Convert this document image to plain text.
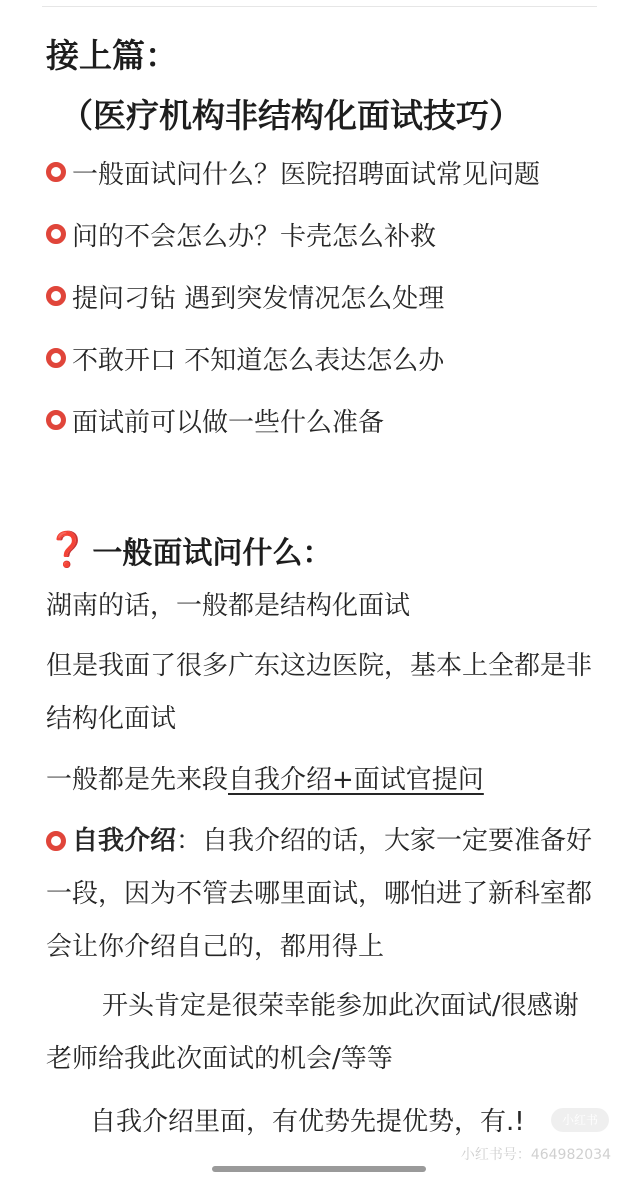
接上篇：
（医疗机构非结构化面试技巧）
一般面试问什么？医院招聘面试常见问题
问的不会怎么办？卡壳怎么补救
提问刁钻 遇到突发情况怎么处理
不敢开口 不知道怎么表达怎么办
面试前可以做一些什么准备
❓ 一般面试问什么：
湖南的话，一般都是结构化面试
但是我面了很多广东这边医院，基本上全都是非结构化面试
一般都是先来段自我介绍+面试官提问
自我介绍：自我介绍的话，大家一定要准备好一段，因为不管去哪里面试，哪怕进了新科室都会让你介绍自己的，都用得上
开头肯定是很荣幸能参加此次面试/很感谢老师给我此次面试的机会/等等
自我介绍里面，有优势先提优势，有.!	小红书
小红书号：464982034
